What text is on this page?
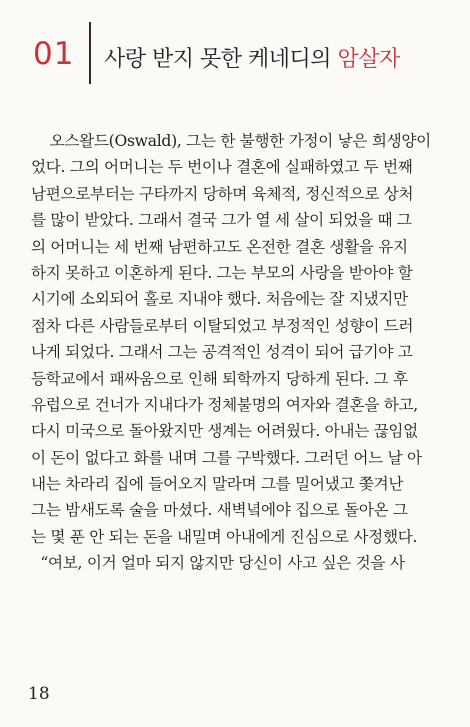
01 사랑 받지 못한 케네디의 암살자
오스왈드(Oswald), 그는 한 불행한 가정이 낳은 희생양이
었다. 그의 어머니는 두 번이나 결혼에 실패하였고 두 번째
남편으로부터는 구타까지 당하며 육체적, 정신적으로 상처
를 많이 받았다. 그래서 결국 그가 열 세 살이 되었을 때 그
의 어머니는 세 번째 남편하고도 온전한 결혼 생활을 유지
하지 못하고 이혼하게 된다. 그는 부모의 사랑을 받아야 할
시기에 소외되어 홀로 지내야 했다. 처음에는 잘 지냈지만
점차 다른 사람들로부터 이탈되었고 부정적인 성향이 드러
나게 되었다. 그래서 그는 공격적인 성격이 되어 급기야 고
등학교에서 패싸움으로 인해 퇴학까지 당하게 된다. 그 후
유럽으로 건너가 지내다가 정체불명의 여자와 결혼을 하고,
다시 미국으로 돌아왔지만 생계는 어려웠다. 아내는 끊임없
이 돈이 없다고 화를 내며 그를 구박했다. 그러던 어느 날 아
내는 차라리 집에 들어오지 말라며 그를 밀어냈고 쫓겨난
그는 밤새도록 술을 마셨다. 새벽녘에야 집으로 돌아온 그
는 몇 푼 안 되는 돈을 내밀며 아내에게 진심으로 사정했다.
“여보, 이거 얼마 되지 않지만 당신이 사고 싶은 것을 사
18
